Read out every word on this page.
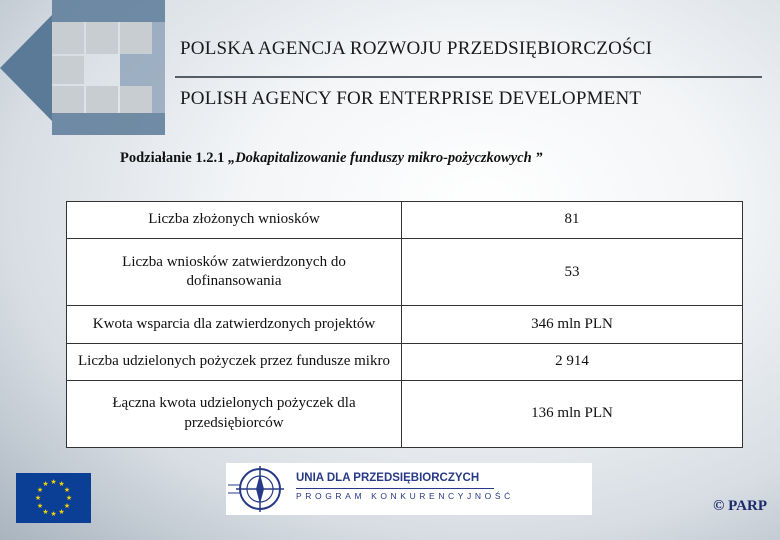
POLSKA AGENCJA ROZWOJU PRZEDSIĘBIORCZOŚCI
POLISH AGENCY FOR ENTERPRISE DEVELOPMENT
Podziałanie 1.2.1 „Dokapitalizowanie funduszy mikro-pożyczkowych ”
Liczba złożonych wniosków	81
Liczba wniosków zatwierdzonych do dofinansowania	53
Kwota wsparcia dla zatwierdzonych projektów	346 mln PLN
Liczba udzielonych pożyczek przez fundusze mikro	2 914
Łączna kwota udzielonych pożyczek dla przedsiębiorców	136 mln PLN
★ ★
★
★
★
★
★
★
★
★
★
★	UNIA DLA PRZEDSIĘBIORCZYCH
PROGRAM KONKURENCYJNOŚĆ
© PARP
